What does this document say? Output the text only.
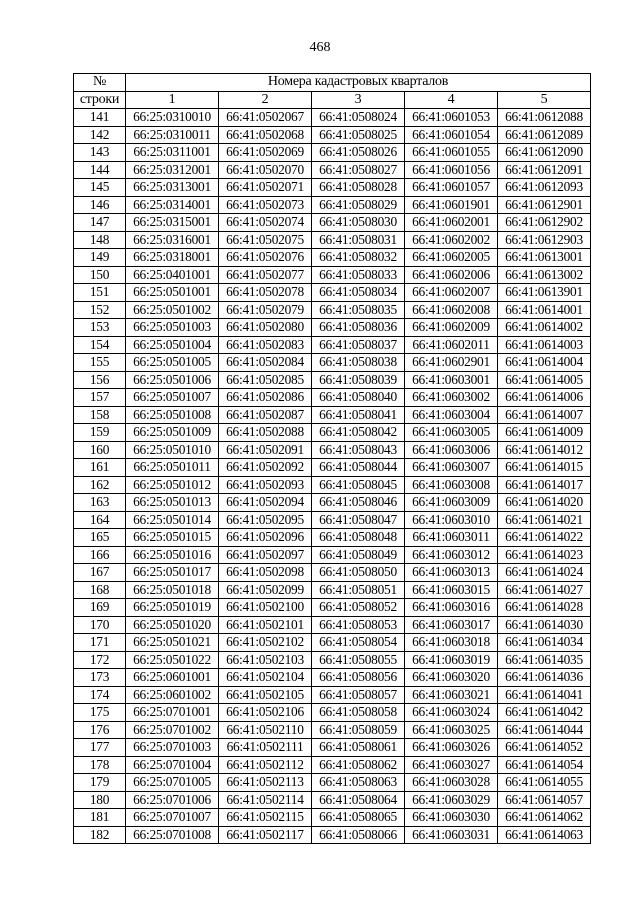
468
№	Номера кадастровых кварталов				
строки	1	2	3	4	5
141	66:25:0310010	66:41:0502067	66:41:0508024	66:41:0601053	66:41:0612088
142	66:25:0310011	66:41:0502068	66:41:0508025	66:41:0601054	66:41:0612089
143	66:25:0311001	66:41:0502069	66:41:0508026	66:41:0601055	66:41:0612090
144	66:25:0312001	66:41:0502070	66:41:0508027	66:41:0601056	66:41:0612091
145	66:25:0313001	66:41:0502071	66:41:0508028	66:41:0601057	66:41:0612093
146	66:25:0314001	66:41:0502073	66:41:0508029	66:41:0601901	66:41:0612901
147	66:25:0315001	66:41:0502074	66:41:0508030	66:41:0602001	66:41:0612902
148	66:25:0316001	66:41:0502075	66:41:0508031	66:41:0602002	66:41:0612903
149	66:25:0318001	66:41:0502076	66:41:0508032	66:41:0602005	66:41:0613001
150	66:25:0401001	66:41:0502077	66:41:0508033	66:41:0602006	66:41:0613002
151	66:25:0501001	66:41:0502078	66:41:0508034	66:41:0602007	66:41:0613901
152	66:25:0501002	66:41:0502079	66:41:0508035	66:41:0602008	66:41:0614001
153	66:25:0501003	66:41:0502080	66:41:0508036	66:41:0602009	66:41:0614002
154	66:25:0501004	66:41:0502083	66:41:0508037	66:41:0602011	66:41:0614003
155	66:25:0501005	66:41:0502084	66:41:0508038	66:41:0602901	66:41:0614004
156	66:25:0501006	66:41:0502085	66:41:0508039	66:41:0603001	66:41:0614005
157	66:25:0501007	66:41:0502086	66:41:0508040	66:41:0603002	66:41:0614006
158	66:25:0501008	66:41:0502087	66:41:0508041	66:41:0603004	66:41:0614007
159	66:25:0501009	66:41:0502088	66:41:0508042	66:41:0603005	66:41:0614009
160	66:25:0501010	66:41:0502091	66:41:0508043	66:41:0603006	66:41:0614012
161	66:25:0501011	66:41:0502092	66:41:0508044	66:41:0603007	66:41:0614015
162	66:25:0501012	66:41:0502093	66:41:0508045	66:41:0603008	66:41:0614017
163	66:25:0501013	66:41:0502094	66:41:0508046	66:41:0603009	66:41:0614020
164	66:25:0501014	66:41:0502095	66:41:0508047	66:41:0603010	66:41:0614021
165	66:25:0501015	66:41:0502096	66:41:0508048	66:41:0603011	66:41:0614022
166	66:25:0501016	66:41:0502097	66:41:0508049	66:41:0603012	66:41:0614023
167	66:25:0501017	66:41:0502098	66:41:0508050	66:41:0603013	66:41:0614024
168	66:25:0501018	66:41:0502099	66:41:0508051	66:41:0603015	66:41:0614027
169	66:25:0501019	66:41:0502100	66:41:0508052	66:41:0603016	66:41:0614028
170	66:25:0501020	66:41:0502101	66:41:0508053	66:41:0603017	66:41:0614030
171	66:25:0501021	66:41:0502102	66:41:0508054	66:41:0603018	66:41:0614034
172	66:25:0501022	66:41:0502103	66:41:0508055	66:41:0603019	66:41:0614035
173	66:25:0601001	66:41:0502104	66:41:0508056	66:41:0603020	66:41:0614036
174	66:25:0601002	66:41:0502105	66:41:0508057	66:41:0603021	66:41:0614041
175	66:25:0701001	66:41:0502106	66:41:0508058	66:41:0603024	66:41:0614042
176	66:25:0701002	66:41:0502110	66:41:0508059	66:41:0603025	66:41:0614044
177	66:25:0701003	66:41:0502111	66:41:0508061	66:41:0603026	66:41:0614052
178	66:25:0701004	66:41:0502112	66:41:0508062	66:41:0603027	66:41:0614054
179	66:25:0701005	66:41:0502113	66:41:0508063	66:41:0603028	66:41:0614055
180	66:25:0701006	66:41:0502114	66:41:0508064	66:41:0603029	66:41:0614057
181	66:25:0701007	66:41:0502115	66:41:0508065	66:41:0603030	66:41:0614062
182	66:25:0701008	66:41:0502117	66:41:0508066	66:41:0603031	66:41:0614063
